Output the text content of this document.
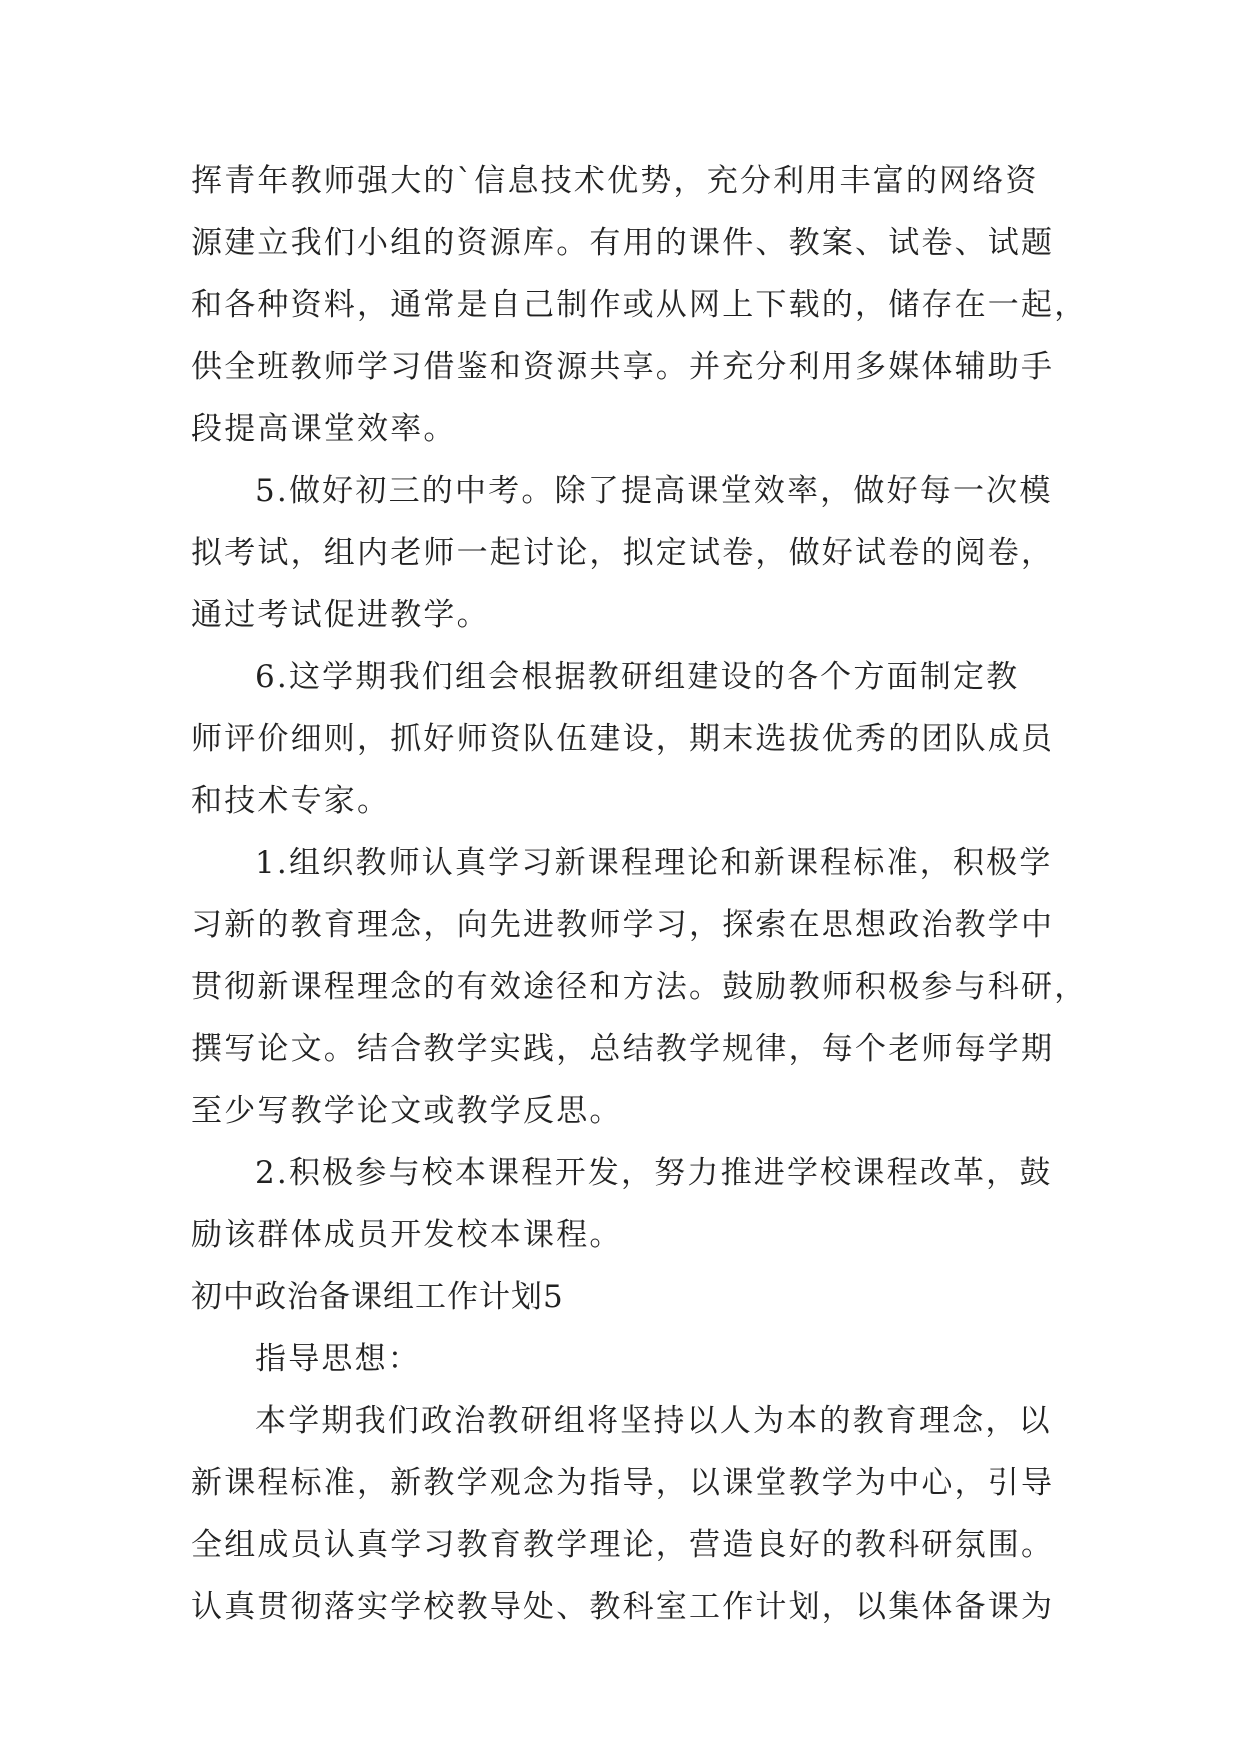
挥青年教师强大的`信息技术优势，充分利用丰富的网络资
源建立我们小组的资源库。有用的课件、教案、试卷、试题
和各种资料，通常是自己制作或从网上下载的，储存在一起，
供全班教师学习借鉴和资源共享。并充分利用多媒体辅助手
段提高课堂效率。
5.做好初三的中考。除了提高课堂效率，做好每一次模
拟考试，组内老师一起讨论，拟定试卷，做好试卷的阅卷，
通过考试促进教学。
6.这学期我们组会根据教研组建设的各个方面制定教
师评价细则，抓好师资队伍建设，期末选拔优秀的团队成员
和技术专家。
1.组织教师认真学习新课程理论和新课程标准，积极学
习新的教育理念，向先进教师学习，探索在思想政治教学中
贯彻新课程理念的有效途径和方法。鼓励教师积极参与科研，
撰写论文。结合教学实践，总结教学规律，每个老师每学期
至少写教学论文或教学反思。
2.积极参与校本课程开发，努力推进学校课程改革，鼓
励该群体成员开发校本课程。
初中政治备课组工作计划5
指导思想：
本学期我们政治教研组将坚持以人为本的教育理念，以
新课程标准，新教学观念为指导，以课堂教学为中心，引导
全组成员认真学习教育教学理论，营造良好的教科研氛围。
认真贯彻落实学校教导处、教科室工作计划，以集体备课为
